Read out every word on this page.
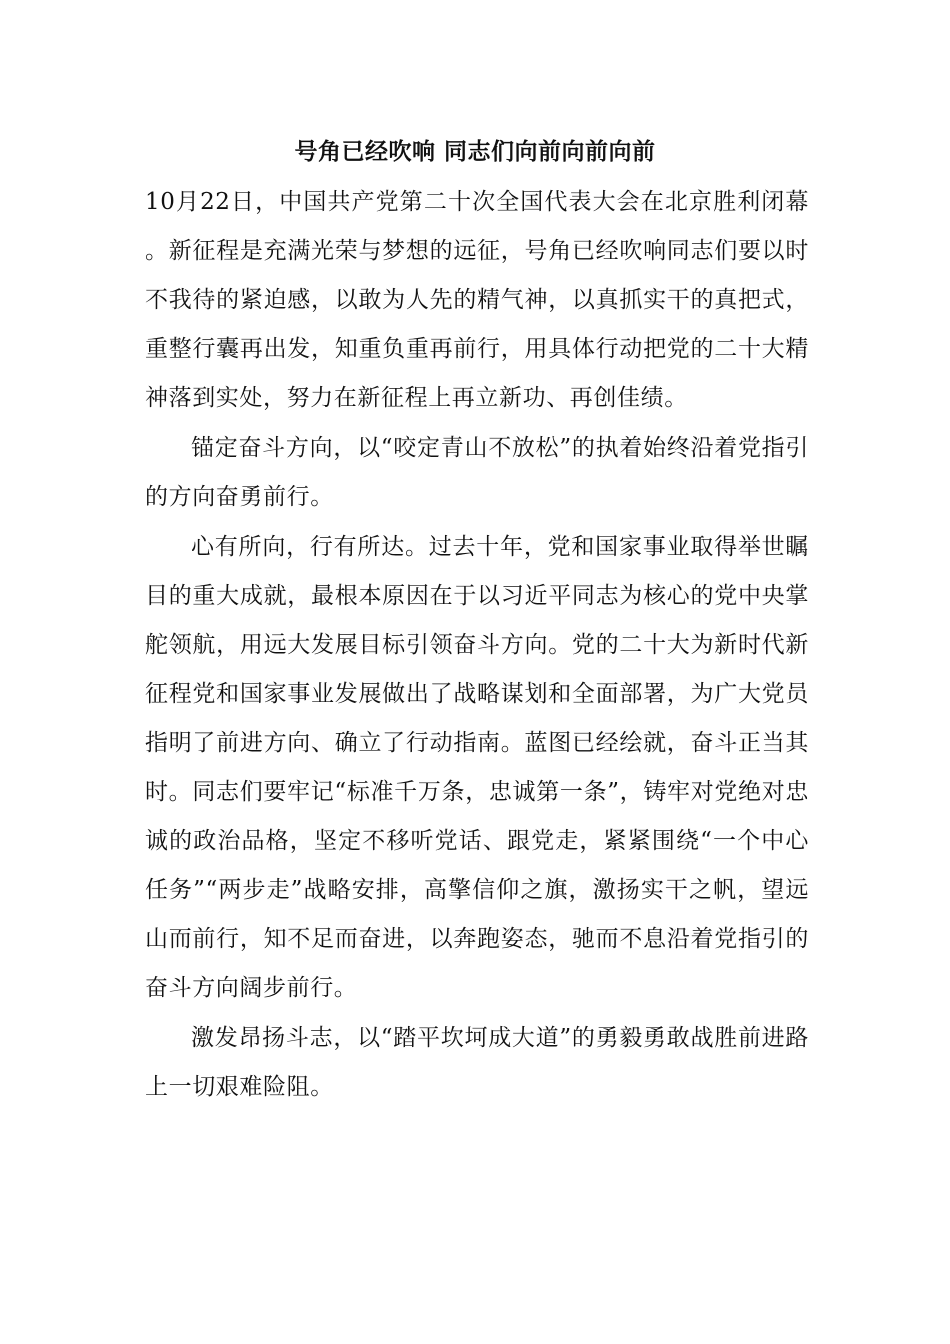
号角已经吹响 同志们向前向前向前

10月22日，中国共产党第二十次全国代表大会在北京胜利闭幕。新征程是充满光荣与梦想的远征，号角已经吹响同志们要以时不我待的紧迫感，以敢为人先的精气神，以真抓实干的真把式，重整行囊再出发，知重负重再前行，用具体行动把党的二十大精神落到实处，努力在新征程上再立新功、再创佳绩。

锚定奋斗方向，以“咬定青山不放松”的执着始终沿着党指引的方向奋勇前行。

心有所向，行有所达。过去十年，党和国家事业取得举世瞩目的重大成就，最根本原因在于以习近平同志为核心的党中央掌舵领航，用远大发展目标引领奋斗方向。党的二十大为新时代新征程党和国家事业发展做出了战略谋划和全面部署，为广大党员指明了前进方向、确立了行动指南。蓝图已经绘就，奋斗正当其时。同志们要牢记“标准千万条，忠诚第一条”，铸牢对党绝对忠诚的政治品格，坚定不移听党话、跟党走，紧紧围绕“一个中心任务”“两步走”战略安排，高擎信仰之旗，激扬实干之帆，望远山而前行，知不足而奋进，以奔跑姿态，驰而不息沿着党指引的奋斗方向阔步前行。

激发昂扬斗志，以“踏平坎坷成大道”的勇毅勇敢战胜前进路上一切艰难险阻。
